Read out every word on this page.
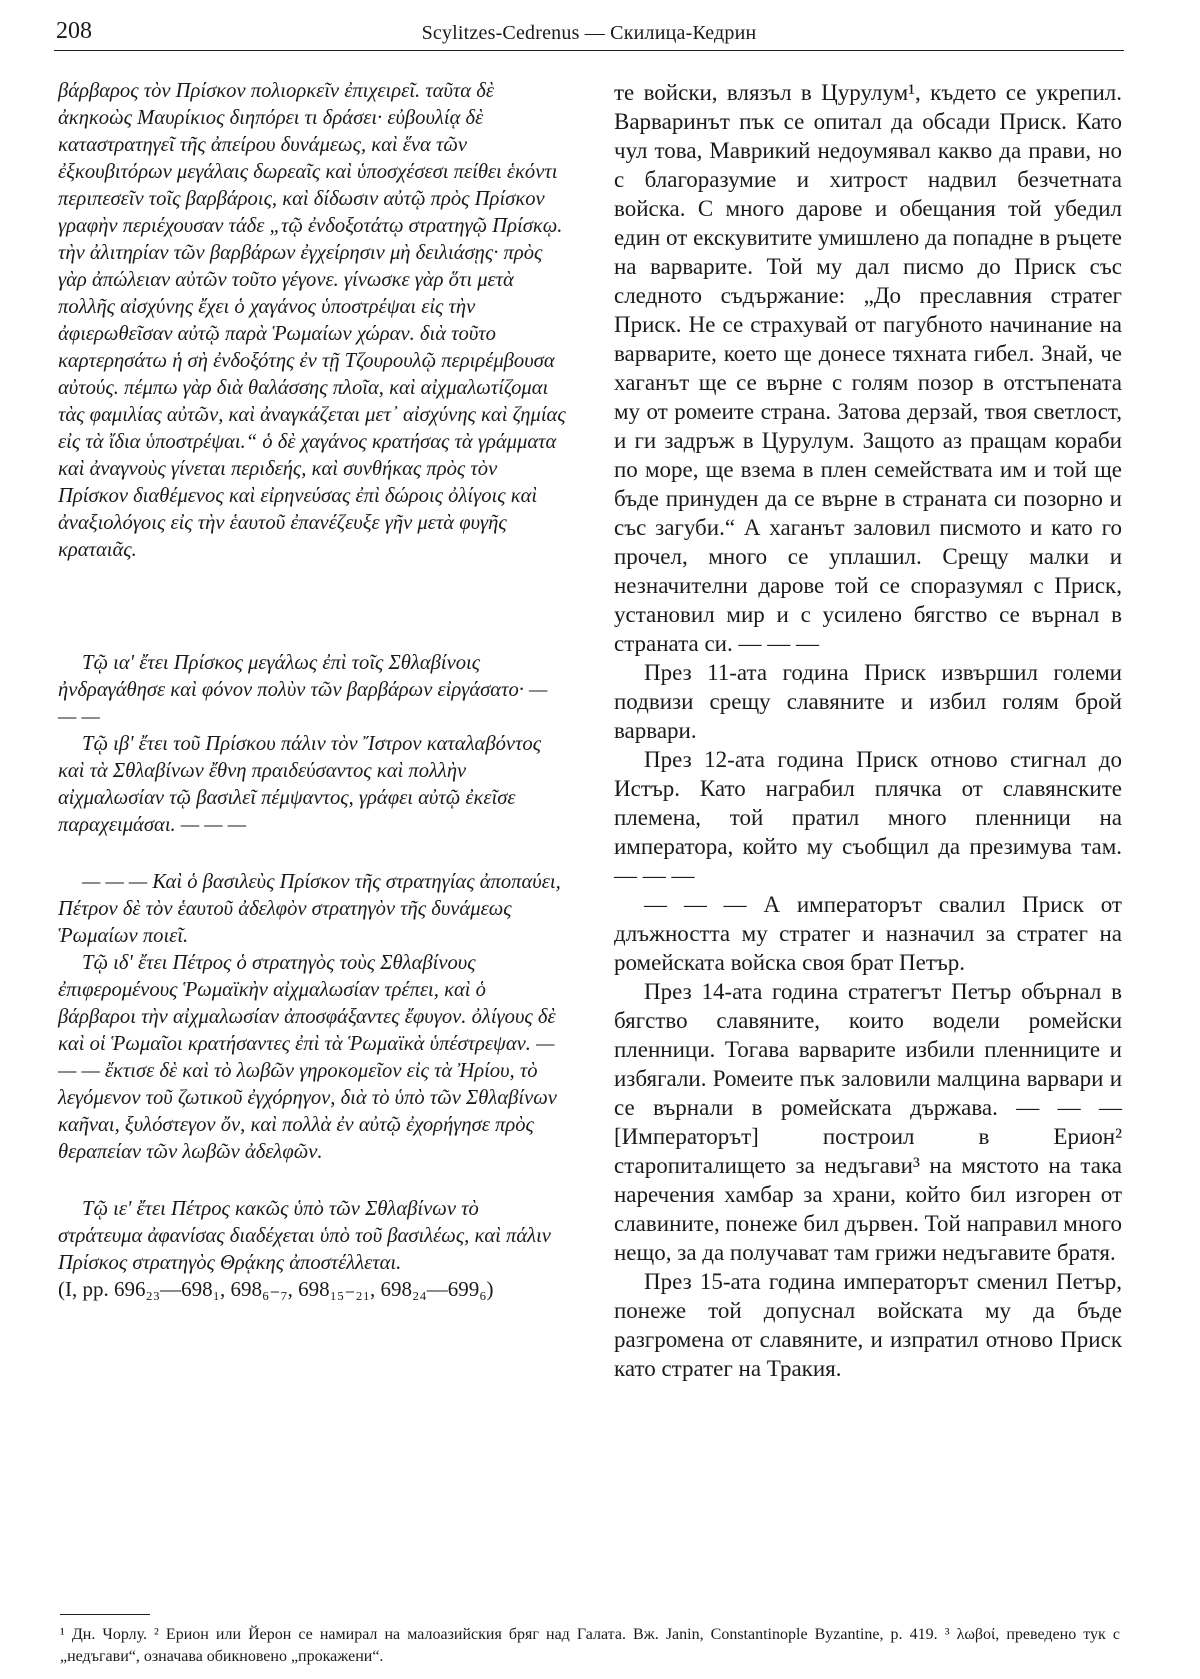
208	Scylitzes-Cedrenus — Скилица-Кедрин

βάρβαρος τὸν Πρίσκον πολιορκεῖν ἐπιχειρεῖ. ταῦτα δὲ ἀκηκοὼς Μαυρίκιος διηπόρει τι δράσει· εὐβουλίᾳ δὲ καταστρατηγεῖ τῆς ἀπείρου δυνάμεως, καὶ ἕνα τῶν ἐξκουβιτόρων μεγάλαις δωρεαῖς καὶ ὑποσχέσεσι πείθει ἑκόντι περιπεσεῖν τοῖς βαρβάροις, καὶ δίδωσιν αὐτῷ πρὸς Πρίσκον γραφὴν περιέχουσαν τάδε „τῷ ἐνδοξοτάτῳ στρατηγῷ Πρίσκῳ. τὴν ἀλιτηρίαν τῶν βαρβάρων ἐγχείρησιν μὴ δειλιάσῃς· πρὸς γὰρ ἀπώλειαν αὐτῶν τοῦτο γέγονε. γίνωσκε γὰρ ὅτι μετὰ πολλῆς αἰσχύνης ἔχει ὁ χαγάνος ὑποστρέψαι εἰς τὴν ἀφιερωθεῖσαν αὐτῷ παρὰ Ῥωμαίων χώραν. διὰ τοῦτο καρτερησάτω ἡ σὴ ἐνδοξότης ἐν τῇ Τζουρουλῷ περιρέμβουσα αὐτούς. πέμπω γὰρ διὰ θαλάσσης πλοῖα, καὶ αἰχμαλωτίζομαι τὰς φαμιλίας αὐτῶν, καὶ ἀναγκάζεται μετ᾽ αἰσχύνης καὶ ζημίας εἰς τὰ ἴδια ὑποστρέψαι.“ ὁ δὲ χαγάνος κρατήσας τὰ γράμματα καὶ ἀναγνοὺς γίνεται περιδεής, καὶ συνθήκας πρὸς τὸν Πρίσκον διαθέμενος καὶ εἰρηνεύσας ἐπὶ δώροις ὀλίγοις καὶ ἀναξιολόγοις εἰς τὴν ἑαυτοῦ ἐπανέζευξε γῆν μετὰ φυγῆς κραταιᾶς.

Τῷ ιαʹ ἔτει Πρίσκος μεγάλως ἐπὶ τοῖς Σθλαβίνοις ἠνδραγάθησε καὶ φόνον πολὺν τῶν βαρβάρων εἰργάσατο· — — —

Τῷ ιβʹ ἔτει τοῦ Πρίσκου πάλιν τὸν Ἴστρον καταλαβόντος καὶ τὰ Σθλαβίνων ἔθνη πραιδεύσαντος καὶ πολλὴν αἰχμαλωσίαν τῷ βασιλεῖ πέμψαντος, γράφει αὐτῷ ἐκεῖσε παραχειμάσαι. — — —

— — — Καὶ ὁ βασιλεὺς Πρίσκον τῆς στρατηγίας ἀποπαύει, Πέτρον δὲ τὸν ἑαυτοῦ ἀδελφὸν στρατηγὸν τῆς δυνάμεως Ῥωμαίων ποιεῖ.

Τῷ ιδʹ ἔτει Πέτρος ὁ στρατηγὸς τοὺς Σθλαβίνους ἐπιφερομένους Ῥωμαϊκὴν αἰχμαλωσίαν τρέπει, καὶ ὁ βάρβαροι τὴν αἰχμαλωσίαν ἀποσφάξαντες ἔφυγον. ὀλίγους δὲ καὶ οἱ Ῥωμαῖοι κρατήσαντες ἐπὶ τὰ Ῥωμαϊκὰ ὑπέστρεψαν. — — — ἔκτισε δὲ καὶ τὸ λωβῶν γηροκομεῖον εἰς τὰ Ἠρίου, τὸ λεγόμενον τοῦ ζωτικοῦ ἐγχόρηγον, διὰ τὸ ὑπὸ τῶν Σθλαβίνων καῆναι, ξυλόστεγον ὄν, καὶ πολλὰ ἐν αὐτῷ ἐχορήγησε πρὸς θεραπείαν τῶν λωβῶν ἀδελφῶν.

Τῷ ιεʹ ἔτει Πέτρος κακῶς ὑπὸ τῶν Σθλαβίνων τὸ στράτευμα ἀφανίσας διαδέχεται ὑπὸ τοῦ βασιλέως, καὶ πάλιν Πρίσκος στρατηγὸς Θρᾴκης ἀποστέλλεται.

(I, pp. 696₂₃—698₁, 698₆₋₇, 698₁₅₋₂₁, 698₂₄—699₆)

те войски, влязъл в Цурулум¹, където се укрепил. Варваринът пък се опитал да обсади Приск. Като чул това, Маврикий недоумявал какво да прави, но с благоразумие и хитрост надвил безчетната войска. С много дарове и обещания той убедил един от екскувитите умишлено да попадне в ръцете на варварите. Той му дал писмо до Приск със следното съдържание: „До преславния стратег Приск. Не се страхувай от пагубното начинание на варварите, което ще донесе тяхната гибел. Знай, че хаганът ще се върне с голям позор в отстъпената му от ромеите страна. Затова дерзай, твоя светлост, и ги задръж в Цурулум. Защото аз пращам кораби по море, ще взема в плен семействата им и той ще бъде принуден да се върне в страната си позорно и със загуби.“ А хаганът заловил писмото и като го прочел, много се уплашил. Срещу малки и незначителни дарове той се споразумял с Приск, установил мир и с усилено бягство се върнал в страната си. — — —

През 11-ата година Приск извършил големи подвизи срещу славяните и избил голям брой варвари.

През 12-ата година Приск отново стигнал до Истър. Като награбил плячка от славянските племена, той пратил много пленници на императора, който му съобщил да презимува там. — — —

— — — А императорът свалил Приск от длъжността му стратег и назначил за стратег на ромейската войска своя брат Петър.

През 14-ата година стратегът Петър обърнал в бягство славяните, които водели ромейски пленници. Тогава варварите избили пленниците и избягали. Ромеите пък заловили малцина варвари и се върнали в ромейската държава. — — — [Императорът] построил в Ерион² старопиталището за недъгави³ на мястото на така наречения хамбар за храни, който бил изгорен от славините, понеже бил дървен. Той направил много нещо, за да получават там грижи недъгавите братя.

През 15-ата година императорът сменил Петър, понеже той допуснал войската му да бъде разгромена от славяните, и изпратил отново Приск като стратег на Тракия.

¹ Дн. Чорлу. ² Ерион или Йерон се намирал на малоазийския бряг над Галата. Вж. Janin, Constantinople Byzantine, p. 419. ³ λωβοί, преведено тук с „недъгави“, означава обикновено „прокажени“.
